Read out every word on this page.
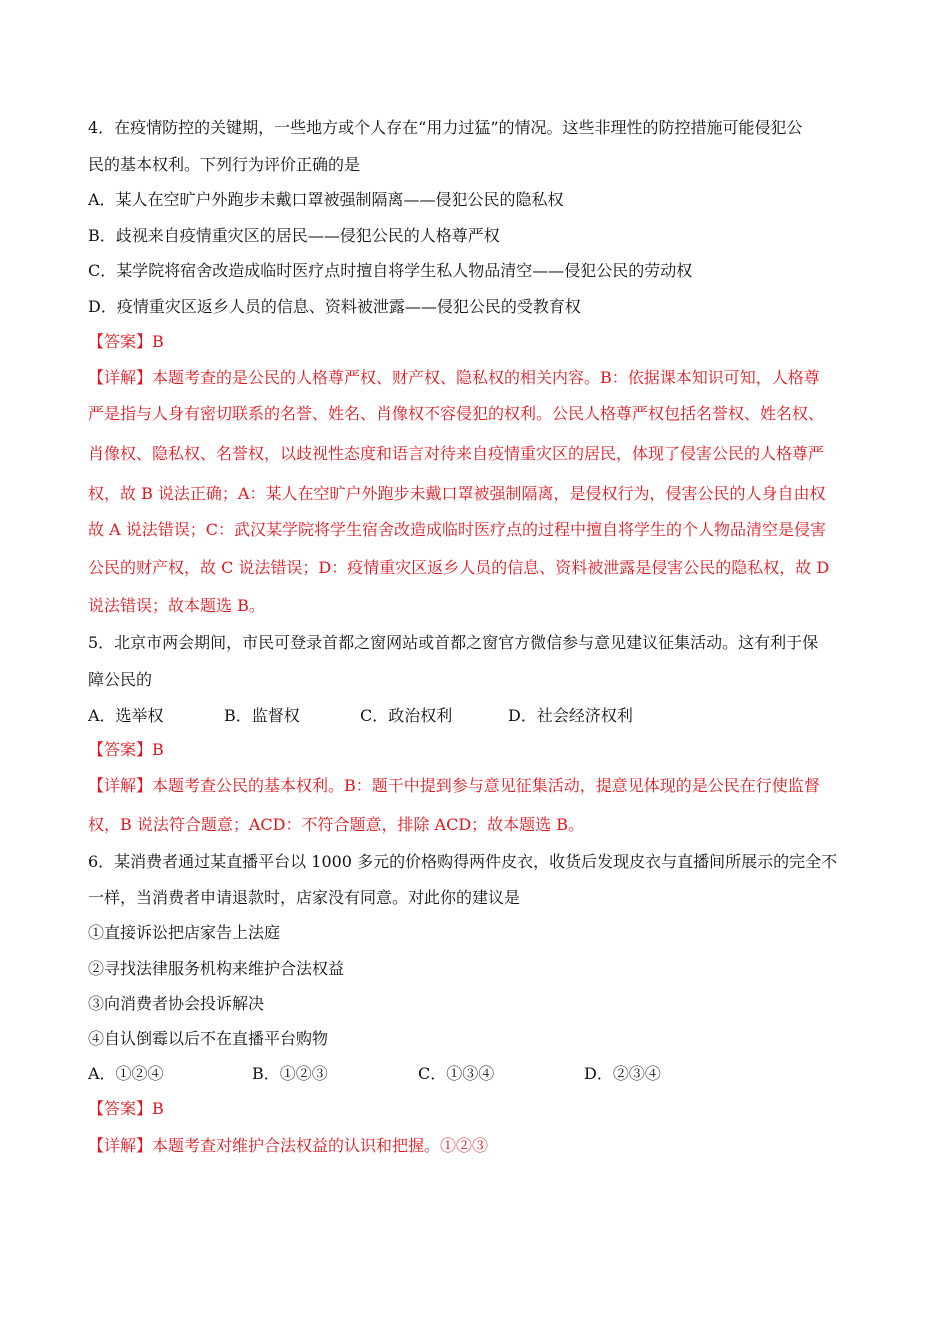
4．在疫情防控的关键期，一些地方或个人存在“用力过猛”的情况。这些非理性的防控措施可能侵犯公
民的基本权利。下列行为评价正确的是
A．某人在空旷户外跑步未戴口罩被强制隔离——侵犯公民的隐私权
B．歧视来自疫情重灾区的居民——侵犯公民的人格尊严权
C．某学院将宿舍改造成临时医疗点时擅自将学生私人物品清空——侵犯公民的劳动权
D．疫情重灾区返乡人员的信息、资料被泄露——侵犯公民的受教育权
【答案】B
【详解】本题考查的是公民的人格尊严权、财产权、隐私权的相关内容。B：依据课本知识可知，人格尊
严是指与人身有密切联系的名誉、姓名、肖像权不容侵犯的权利。公民人格尊严权包括名誉权、姓名权、
肖像权、隐私权、名誉权，以歧视性态度和语言对待来自疫情重灾区的居民，体现了侵害公民的人格尊严
权，故 B 说法正确；A：某人在空旷户外跑步未戴口罩被强制隔离，是侵权行为，侵害公民的人身自由权
故 A 说法错误；C：武汉某学院将学生宿舍改造成临时医疗点的过程中擅自将学生的个人物品清空是侵害
公民的财产权，故 C 说法错误；D：疫情重灾区返乡人员的信息、资料被泄露是侵害公民的隐私权，故 D
说法错误；故本题选 B。
5．北京市两会期间，市民可登录首都之窗网站或首都之窗官方微信参与意见建议征集活动。这有利于保
障公民的
A．选举权	B．监督权	C．政治权利	D．社会经济权利
【答案】B
【详解】本题考查公民的基本权利。B：题干中提到参与意见征集活动，提意见体现的是公民在行使监督
权，B 说法符合题意；ACD：不符合题意，排除 ACD；故本题选 B。
6．某消费者通过某直播平台以 1000 多元的价格购得两件皮衣，收货后发现皮衣与直播间所展示的完全不
一样，当消费者申请退款时，店家没有同意。对此你的建议是
①直接诉讼把店家告上法庭
②寻找法律服务机构来维护合法权益
③向消费者协会投诉解决
④自认倒霉以后不在直播平台购物
A．①②④	B．①②③	C．①③④	D．②③④
【答案】B
【详解】本题考查对维护合法权益的认识和把握。①②③
